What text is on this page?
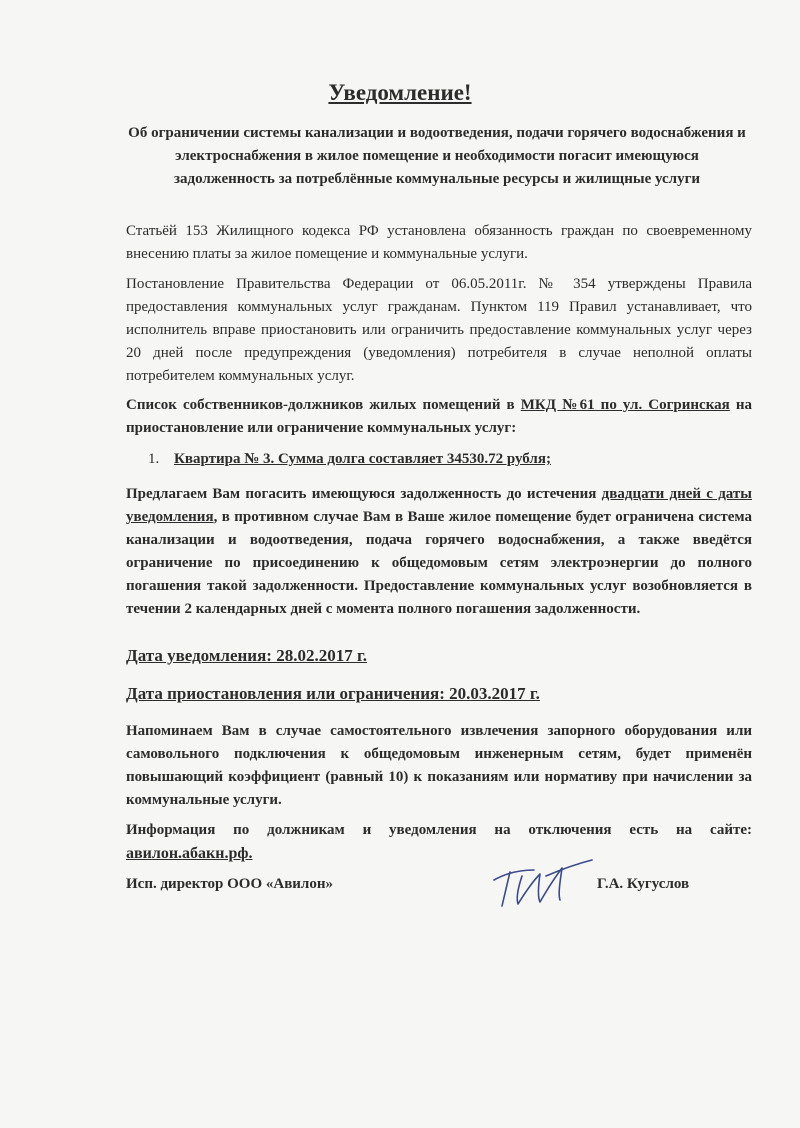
Уведомление!
Об ограничении системы канализации и водоотведения, подачи горячего водоснабжения и электроснабжения в жилое помещение и необходимости погасит имеющуюся задолженность за потреблённые коммунальные ресурсы и жилищные услуги
Статьёй 153 Жилищного кодекса РФ установлена обязанность граждан по своевременному внесению платы за жилое помещение и коммунальные услуги.
Постановление Правительства Федерации от 06.05.2011г. № 354 утверждены Правила предоставления коммунальных услуг гражданам. Пунктом 119 Правил устанавливает, что исполнитель вправе приостановить или ограничить предоставление коммунальных услуг через 20 дней после предупреждения (уведомления) потребителя в случае неполной оплаты потребителем коммунальных услуг.
Список собственников-должников жилых помещений в МКД №61 по ул. Согринская на приостановление или ограничение коммунальных услуг:
1. Квартира № 3. Сумма долга составляет 34530.72 рубля;
Предлагаем Вам погасить имеющуюся задолженность до истечения двадцати дней с даты уведомления, в противном случае Вам в Ваше жилое помещение будет ограничена система канализации и водоотведения, подача горячего водоснабжения, а также введётся ограничение по присоединению к общедомовым сетям электроэнергии до полного погашения такой задолженности. Предоставление коммунальных услуг возобновляется в течении 2 календарных дней с момента полного погашения задолженности.
Дата уведомления: 28.02.2017 г.
Дата приостановления или ограничения: 20.03.2017 г.
Напоминаем Вам в случае самостоятельного извлечения запорного оборудования или самовольного подключения к общедомовым инженерным сетям, будет применён повышающий коэффициент (равный 10) к показаниям или нормативу при начислении за коммунальные услуги.
Информация по должникам и уведомления на отключения есть на сайте: авилон.абакн.рф.
Исп. директор ООО «Авилон»	Г.А. Кугуслов
